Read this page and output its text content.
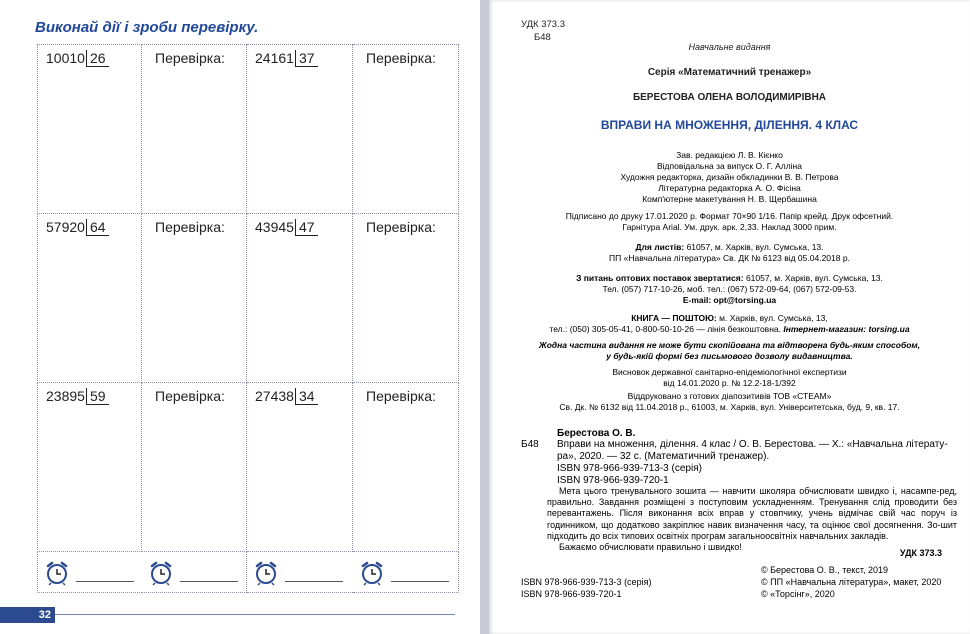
Виконай дії і зроби перевірку.
10010 26	Перевірка:	24161 37	Перевірка:

57920 64	Перевірка:	43945 47	Перевірка:

23895 59	Перевірка:	27438 34	Перевірка:

32
УДК 373.3
Б48
Навчальне видання
Серія «Математичний тренажер»
БЕРЕСТОВА ОЛЕНА ВОЛОДИМИРІВНА
ВПРАВИ НА МНОЖЕННЯ, ДІЛЕННЯ. 4 КЛАС
Зав. редакцією Л. В. Кієнко
Відповідальна за випуск О. Г. Алліна
Художня редакторка, дизайн обкладинки В. В. Петрова
Літературна редакторка А. О. Фісіна
Комп'ютерне макетування Н. В. Щербашина
Підписано до друку 17.01.2020 р. Формат 70×90 1/16. Папір крейд. Друк офсетний.
Гарнітура Arial. Ум. друк. арк. 2,33. Наклад 3000 прим.
Для листів: 61057, м. Харків, вул. Сумська, 13.
ПП «Навчальна література» Св. ДК № 6123 від 05.04.2018 р.
З питань оптових поставок звертатися: 61057, м. Харків, вул. Сумська, 13.
Тел. (057) 717-10-26, моб. тел.: (067) 572-09-64, (067) 572-09-53.
E-mail: opt@torsing.ua
КНИГА — ПОШТОЮ: м. Харків, вул. Сумська, 13,
тел.: (050) 305-05-41, 0-800-50-10-26 — лінія безкоштовна. Інтернет-магазин: torsing.ua
Жодна частина видання не може бути скопійована та відтворена будь-яким способом,
у будь-якій формі без письмового дозволу видавництва.
Висновок державної санітарно-епідеміологічної експертизи
від 14.01.2020 р. № 12.2-18-1/392
Віддруковано з готових діапозитивів ТОВ «СТЕАМ»
Св. Дк. № 6132 від 11.04.2018 р., 61003, м. Харків, вул. Університетська, буд. 9, кв. 17.
Б48
Берестова О. В.
Вправи на множення, ділення. 4 клас / О. В. Берестова. — Х.: «Навчальна літерату-
ра», 2020. — 32 с. (Математичний тренажер).
ISBN 978-966-939-713-3 (серія)
ISBN 978-966-939-720-1
Мета цього тренувального зошита — навчити школяра обчислювати швидко і, насампе-ред, правильно. Завдання розміщені з поступовим ускладненням. Тренування слід проводити без перевантажень. Після виконання всіх вправ у стовпчику, учень відмічає свій час поруч із годинником, що додатково закріплює навик визначення часу, та оцінює свої досягнення. Зо-шит підходить до всіх типових освітніх програм загальноосвітніх навчальних закладів.
Бажаємо обчислювати правильно і швидко!
УДК 373.3
ISBN 978-966-939-713-3 (серія)
ISBN 978-966-939-720-1
© Берестова О. В., текст, 2019
© ПП «Навчальна література», макет, 2020
© «Торсінг», 2020
